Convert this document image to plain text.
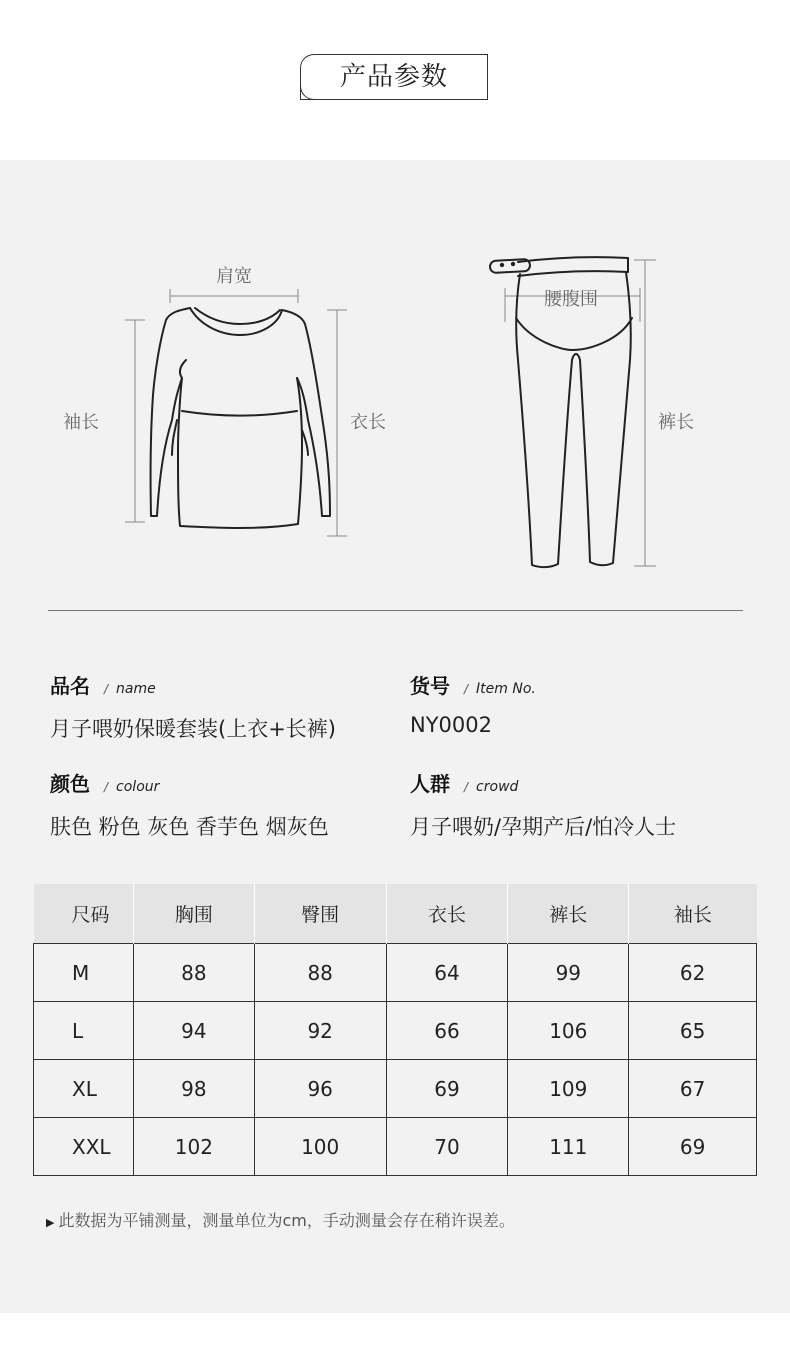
产品参数
肩宽
袖长	衣长
腰腹围
裤长
品名 / name
月子喂奶保暖套装(上衣+长裤)
货号 / Item No.
NY0002
颜色 / colour
肤色 粉色 灰色 香芋色 烟灰色
人群 / crowd
月子喂奶/孕期产后/怕冷人士
尺码	胸围	臀围	衣长	裤长	袖长
M	88	88	64	99	62
L	94	92	66	106	65
XL	98	96	69	109	67
XXL	102	100	70	111	69
▶ 此数据为平铺测量，测量单位为cm，手动测量会存在稍许误差。
